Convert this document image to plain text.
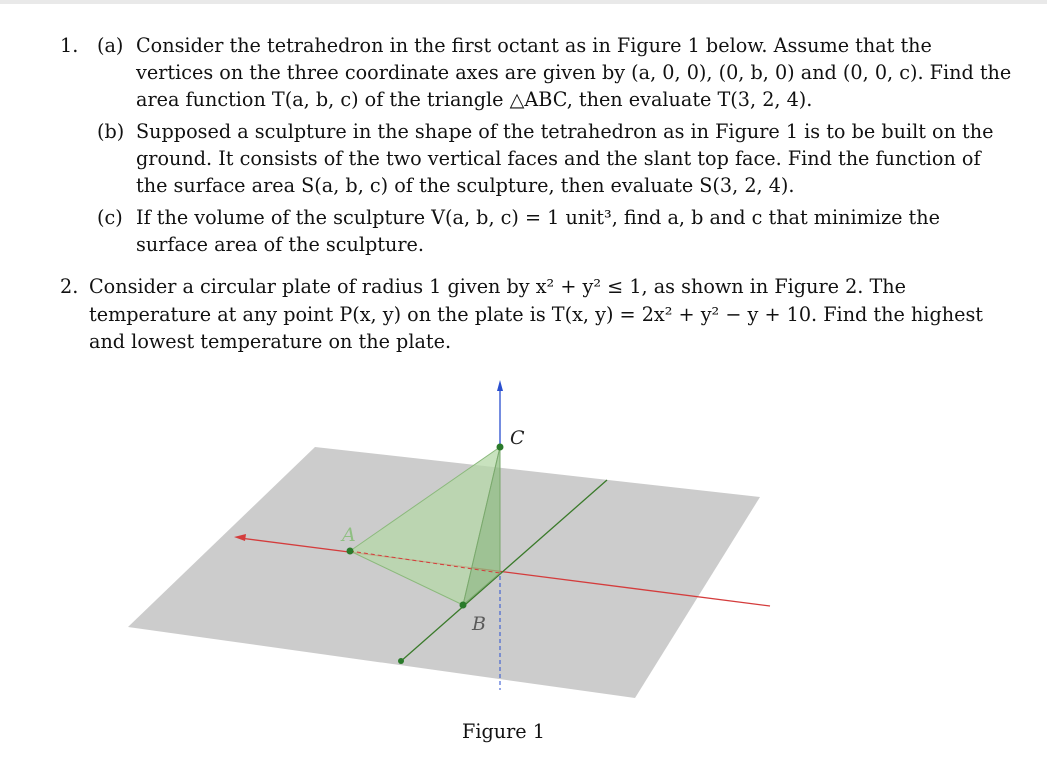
1. (a) Consider the tetrahedron in the first octant as in Figure 1 below. Assume that the
vertices on the three coordinate axes are given by (a, 0, 0), (0, b, 0) and (0, 0, c). Find the
area function T(a, b, c) of the triangle △ABC, then evaluate T(3, 2, 4).
(b) Supposed a sculpture in the shape of the tetrahedron as in Figure 1 is to be built on the
ground. It consists of the two vertical faces and the slant top face. Find the function of
the surface area S(a, b, c) of the sculpture, then evaluate S(3, 2, 4).
(c) If the volume of the sculpture V(a, b, c) = 1 unit³, find a, b and c that minimize the
surface area of the sculpture.
2. Consider a circular plate of radius 1 given by x² + y² ≤ 1, as shown in Figure 2. The
temperature at any point P(x, y) on the plate is T(x, y) = 2x² + y² − y + 10. Find the highest
and lowest temperature on the plate.
A
B
C
Figure 1
